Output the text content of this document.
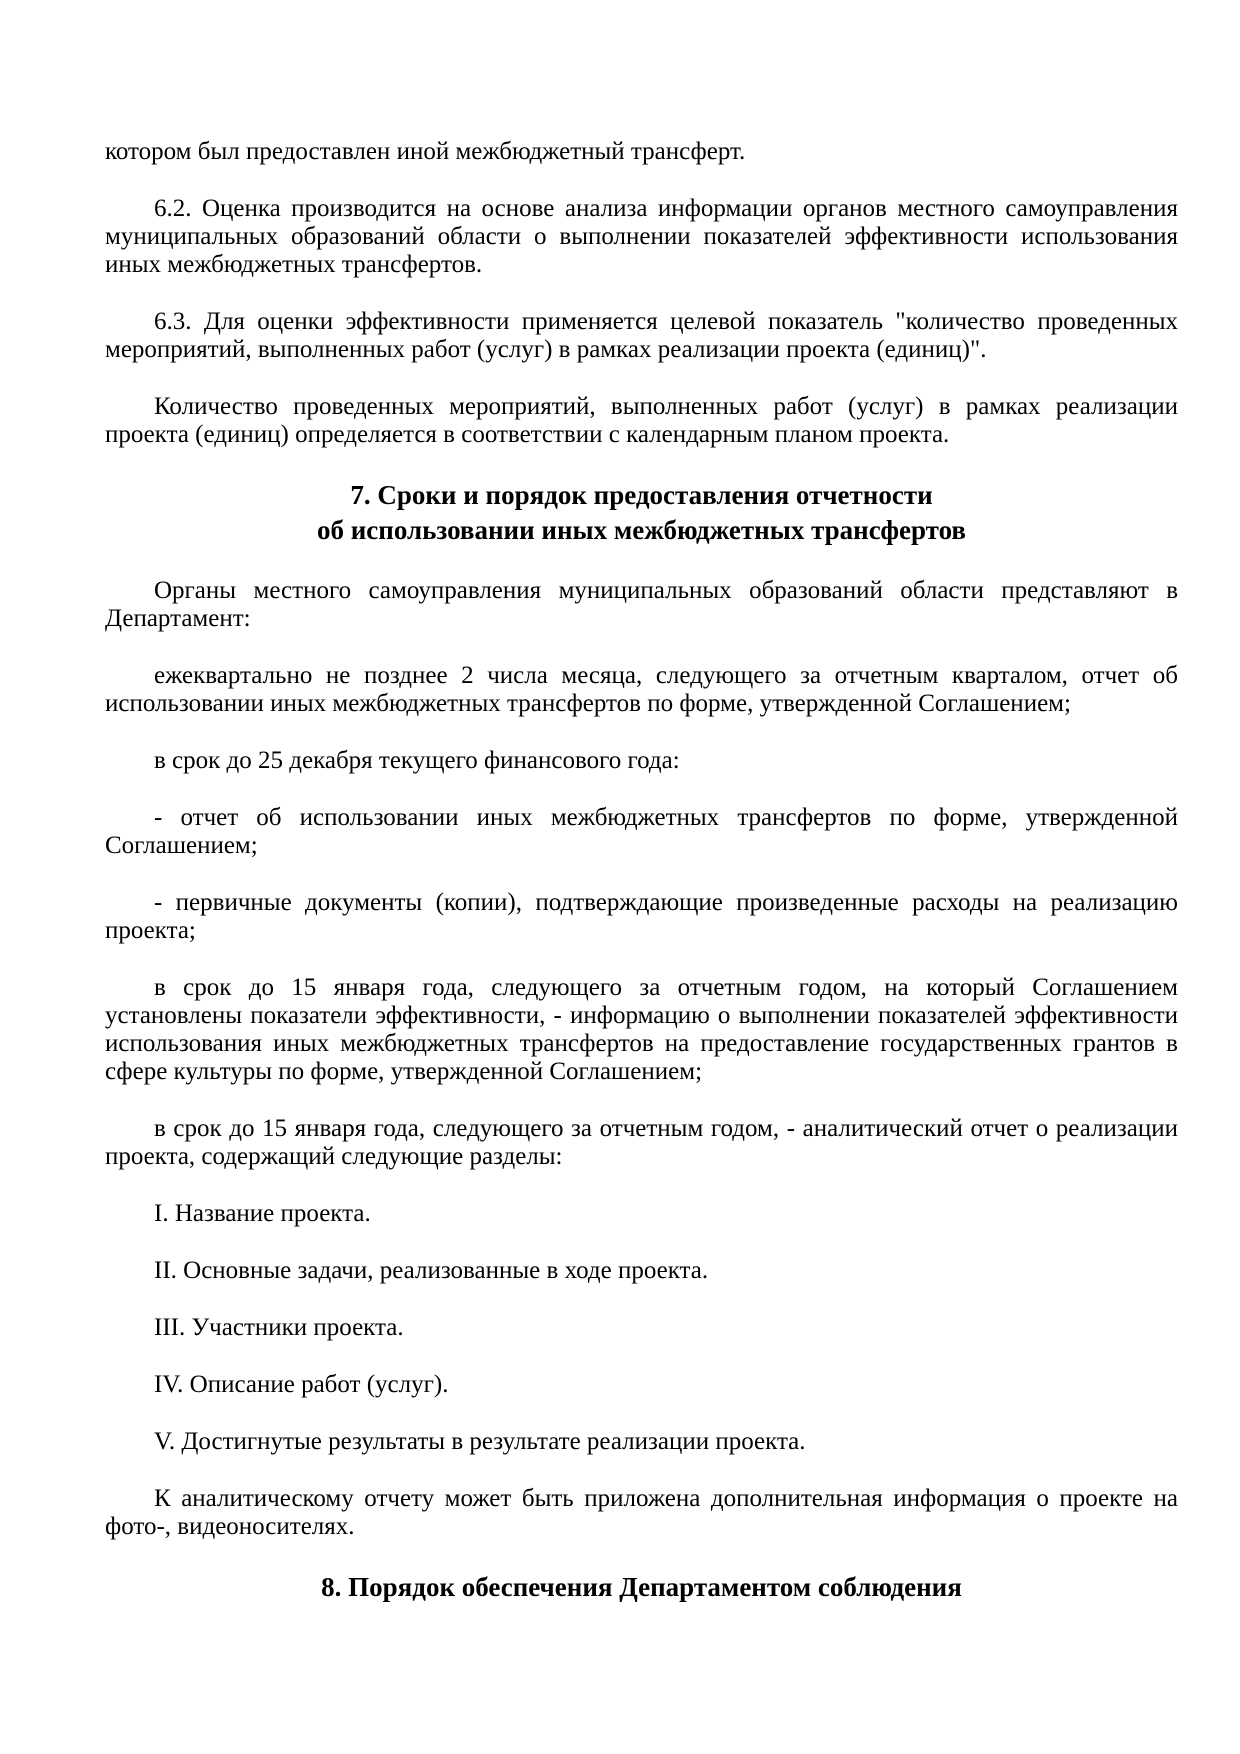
котором был предоставлен иной межбюджетный трансферт.

6.2. Оценка производится на основе анализа информации органов местного самоуправления муниципальных образований области о выполнении показателей эффективности использования иных межбюджетных трансфертов.

6.3. Для оценки эффективности применяется целевой показатель "количество проведенных мероприятий, выполненных работ (услуг) в рамках реализации проекта (единиц)".

Количество проведенных мероприятий, выполненных работ (услуг) в рамках реализации проекта (единиц) определяется в соответствии с календарным планом проекта.

7. Сроки и порядок предоставления отчетности
об использовании иных межбюджетных трансфертов

Органы местного самоуправления муниципальных образований области представляют в Департамент:

ежеквартально не позднее 2 числа месяца, следующего за отчетным кварталом, отчет об использовании иных межбюджетных трансфертов по форме, утвержденной Соглашением;

в срок до 25 декабря текущего финансового года:

- отчет об использовании иных межбюджетных трансфертов по форме, утвержденной Соглашением;

- первичные документы (копии), подтверждающие произведенные расходы на реализацию проекта;

в срок до 15 января года, следующего за отчетным годом, на который Соглашением установлены показатели эффективности, - информацию о выполнении показателей эффективности использования иных межбюджетных трансфертов на предоставление государственных грантов в сфере культуры по форме, утвержденной Соглашением;

в срок до 15 января года, следующего за отчетным годом, - аналитический отчет о реализации проекта, содержащий следующие разделы:

I. Название проекта.

II. Основные задачи, реализованные в ходе проекта.

III. Участники проекта.

IV. Описание работ (услуг).

V. Достигнутые результаты в результате реализации проекта.

К аналитическому отчету может быть приложена дополнительная информация о проекте на фото-, видеоносителях.

8. Порядок обеспечения Департаментом соблюдения
